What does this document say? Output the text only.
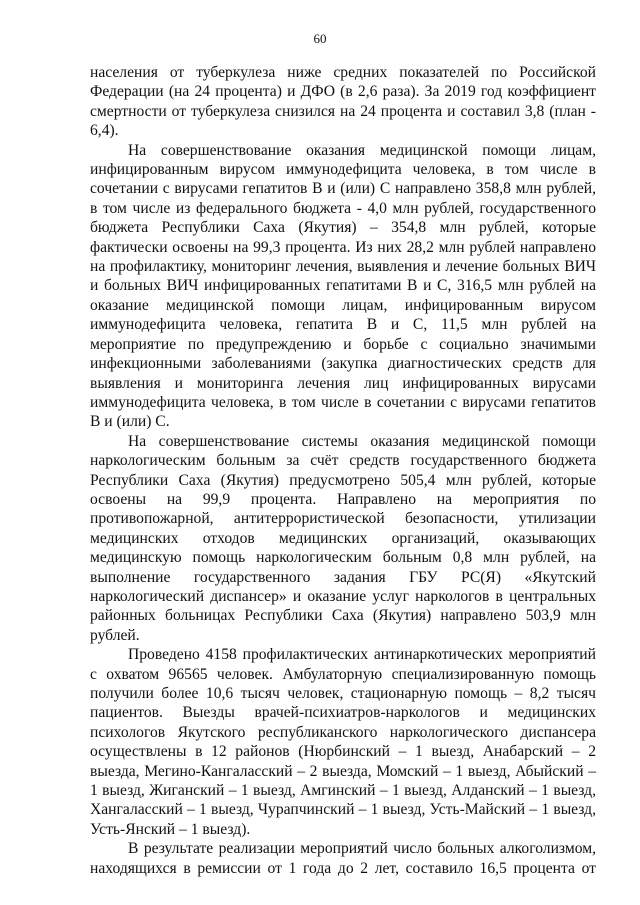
60

населения от туберкулеза ниже средних показателей по Российской Федерации (на 24 процента) и ДФО (в 2,6 раза). За 2019 год коэффициент смертности от туберкулеза снизился на 24 процента и составил 3,8 (план - 6,4).

На совершенствование оказания медицинской помощи лицам, инфицированным вирусом иммунодефицита человека, в том числе в сочетании с вирусами гепатитов В и (или) С направлено 358,8 млн рублей, в том числе из федерального бюджета - 4,0 млн рублей, государственного бюджета Республики Саха (Якутия) – 354,8 млн рублей, которые фактически освоены на 99,3 процента. Из них 28,2 млн рублей направлено на профилактику, мониторинг лечения, выявления и лечение больных ВИЧ и больных ВИЧ инфицированных гепатитами В и С, 316,5 млн рублей на оказание медицинской помощи лицам, инфицированным вирусом иммунодефицита человека, гепатита В и С, 11,5 млн рублей на мероприятие по предупреждению и борьбе с социально значимыми инфекционными заболеваниями (закупка диагностических средств для выявления и мониторинга лечения лиц инфицированных вирусами иммунодефицита человека, в том числе в сочетании с вирусами гепатитов В и (или) С.

На совершенствование системы оказания медицинской помощи наркологическим больным за счёт средств государственного бюджета Республики Саха (Якутия) предусмотрено 505,4 млн рублей, которые освоены на 99,9 процента. Направлено на мероприятия по противопожарной, антитеррористической безопасности, утилизации медицинских отходов медицинских организаций, оказывающих медицинскую помощь наркологическим больным 0,8 млн рублей, на выполнение государственного задания ГБУ РС(Я) «Якутский наркологический диспансер» и оказание услуг наркологов в центральных районных больницах Республики Саха (Якутия) направлено 503,9 млн рублей.

Проведено 4158 профилактических антинаркотических мероприятий с охватом 96565 человек. Амбулаторную специализированную помощь получили более 10,6 тысяч человек, стационарную помощь – 8,2 тысяч пациентов. Выезды врачей-психиатров-наркологов и медицинских психологов Якутского республиканского наркологического диспансера осуществлены в 12 районов (Нюрбинский – 1 выезд, Анабарский – 2 выезда, Мегино-Кангаласский – 2 выезда, Момский – 1 выезд, Абыйский – 1 выезд, Жиганский – 1 выезд, Амгинский – 1 выезд, Алданский – 1 выезд, Хангаласский – 1 выезд, Чурапчинский – 1 выезд, Усть-Майский – 1 выезд, Усть-Янский – 1 выезд).

В результате реализации мероприятий число больных алкоголизмом, находящихся в ремиссии от 1 года до 2 лет, составило 16,5 процента от
